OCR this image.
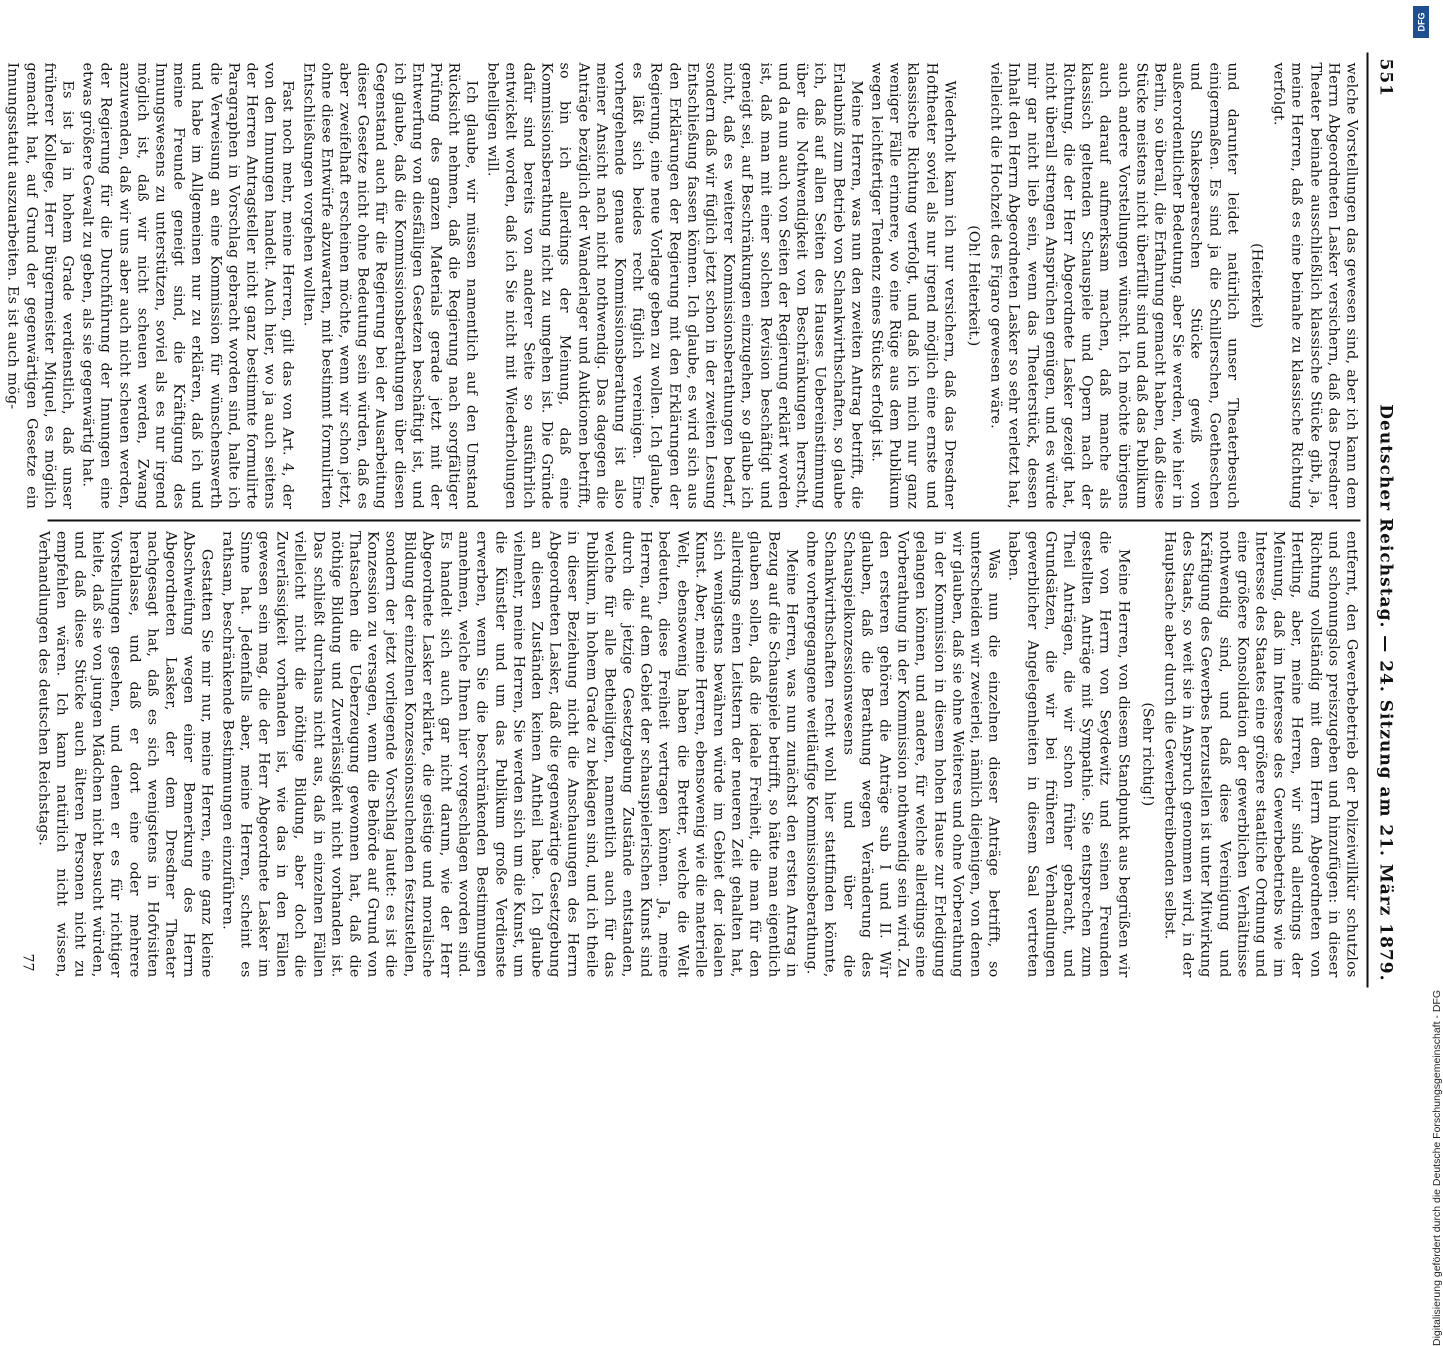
551
Deutscher Reichstag. — 24. Sitzung am 21. März 1879.

welche Vorstellungen das gewesen sind, aber ich kann dem Herrn Abgeordneten Lasker versichern, daß das Dresdner Theater beinahe ausschließlich klassische Stücke gibt, ja, meine Herren, daß es eine beinahe zu klassische Richtung verfolgt.

(Heiterkeit)

und darunter leidet natürlich unser Theaterbesuch einigermaßen. Es sind ja die Schillerschen, Goetheschen und Shakespeareschen Stücke gewiß von außerordentlicher Bedeutung, aber Sie werden, wie hier in Berlin, so überall, die Erfahrung gemacht haben, daß diese Stücke meistens nicht überfüllt sind und daß das Publikum auch andere Vorstellungen wünscht. Ich möchte übrigens auch darauf aufmerksam machen, daß manche als klassisch geltenden Schauspiele und Opern nach der Richtung, die der Herr Abgeordnete Lasker gezeigt hat, nicht überall strengen Ansprüchen genügen, und es würde mir gar nicht lieb sein, wenn das Theaterstück, dessen Inhalt den Herrn Abgeordneten Lasker so sehr verletzt hat, vielleicht die Hochzeit des Figaro gewesen wäre.

(Oh! Heiterkeit.)

Wiederholt kann ich nur versichern, daß das Dresdner Hoftheater soviel als nur irgend möglich eine ernste und klassische Richtung verfolgt, und daß ich mich nur ganz weniger Fälle erinnere, wo eine Rüge aus dem Publikum wegen leichtfertiger Tendenz eines Stücks erfolgt ist.

Meine Herren, was nun den zweiten Antrag betrifft, die Erlaubniß zum Betrieb von Schankwirthschaften, so glaube ich, daß auf allen Seiten des Hauses Uebereinstimmung über die Nothwendigkeit von Beschränkungen herrscht, und da nun auch von Seiten der Regierung erklärt worden ist, daß man mit einer solchen Revision beschäftigt und geneigt sei, auf Beschränkungen einzugehen, so glaube ich nicht, daß es weiterer Kommissionsberathungen bedarf, sondern daß wir füglich jetzt schon in der zweiten Lesung Entschließung fassen können. Ich glaube, es wird sich aus den Erklärungen der Regierung mit den Erklärungen der Regierung, eine neue Vorlage geben zu wollen. Ich glaube, es läßt sich beides recht füglich vereinigen. Eine vorhergehende genaue Kommissionsberathung ist also meiner Ansicht nach nicht nothwendig. Das dagegen die Anträge bezüglich der Wanderlager und Auktionen betrifft, so bin ich allerdings der Meinung, daß eine Kommissionsberathung nicht zu umgehen ist. Die Gründe dafür sind bereits von anderer Seite so ausführlich entwickelt worden, daß ich Sie nicht mit Wiederholungen behelligen will.

Ich glaube, wir müssen namentlich auf den Umstand Rücksicht nehmen, daß die Regierung nach sorgfältiger Prüfung des ganzen Materials gerade jetzt mit der Entwerfung von diesfälligen Gesetzen beschäftigt ist, und ich glaube, daß die Kommissionsberathungen über diesen Gegenstand auch für die Regierung bei der Ausarbeitung dieser Gesetze nicht ohne Bedeutung sein würden, daß es aber zweifelhaft erscheinen möchte, wenn wir schon jetzt, ohne diese Entwürfe abzuwarten, mit bestimmt formulirten Entschließungen vorgehen wollten.

Fast noch mehr, meine Herren, gilt das von Art. 4, der von den Innungen handelt. Auch hier, wo ja auch seitens der Herren Antragsteller nicht ganz bestimmte formulirte Paragraphen in Vorschlag gebracht worden sind, halte ich die Verweisung an eine Kommission für wünschenswerth und habe im Allgemeinen nur zu erklären, daß ich und meine Freunde geneigt sind, die Kräftigung des Innungswesens zu unterstützen, soviel als es nur irgend möglich ist, daß wir nicht scheuen werden, Zwang anzuwenden, daß wir uns aber auch nicht scheuen werden, der Regierung für die Durchführung der Innungen eine etwas größere Gewalt zu geben, als sie gegenwärtig hat.

Es ist ja in hohem Grade verdienstlich, daß unser früherer Kollege, Herr Bürgermeister Miquel, es möglich gemacht hat, auf Grund der gegenwärtigen Gesetze ein Innungsstatut auszuarbeiten. Es ist auch mög-

entfernt, den Gewerbebetrieb der Polizeiwillkür schutzlos und schonungslos preiszugeben und hinzufügen: in dieser Richtung vollständig mit dem Herrn Abgeordneten von Hertling, aber, meine Herren, wir sind allerdings der Meinung, daß im Interesse des Gewerbebetriebs wie im Interesse des Staates eine größere staatliche Ordnung und eine größere Konsolidation der gewerblichen Verhältnisse nothwendig sind, und daß diese Vereinigung und Kräftigung des Gewerbes herzustellen ist unter Mitwirkung des Staats, so weit sie in Anspruch genommen wird, in der Hauptsache aber durch die Gewerbetreibenden selbst.

(Sehr richtig!)

Meine Herren, von diesem Standpunkt aus begrüßen wir die von Herrn von Seydewitz und seinen Freunden gestellten Anträge mit Sympathie. Sie entsprechen zum Theil Anträgen, die wir schon früher gebracht, und Grundsätzen, die wir bei früheren Verhandlungen gewerblicher Angelegenheiten in diesem Saal vertreten haben.

Was nun die einzelnen dieser Anträge betrifft, so unterscheiden wir zweierlei, nämlich diejenigen, von denen wir glauben, daß sie ohne Weiteres und ohne Vorberathung in der Kommission in diesem hohen Hause zur Erledigung gelangen können, und andere, für welche allerdings eine Vorberathung in der Kommission nothwendig sein wird. Zu den ersteren gehören die Anträge sub I und II. Wir glauben, daß die Berathung wegen Veränderung des Schauspielkonzessionswesens und über die Schankwirthschaften recht wohl hier stattfinden könnte, ohne vorhergegangene weitläufige Kommissionsberathung.

Meine Herren, was nun zunächst den ersten Antrag in Bezug auf die Schauspiele betrifft, so hätte man eigentlich glauben sollen, daß die ideale Freiheit, die man für den allerdings einen Leitstern der neueren Zeit gehalten hat, sich wenigstens bewähren würde im Gebiet der idealen Kunst. Aber, meine Herren, ebensowenig wie die materielle Welt, ebensowenig haben die Bretter, welche die Welt bedeuten, diese Freiheit vertragen können. Ja, meine Herren, auf dem Gebiet der schauspielerischen Kunst sind durch die jetzige Gesetzgebung Zustände entstanden, welche für alle Betheiligten, namentlich auch für das Publikum, in hohem Grade zu beklagen sind, und ich theile in dieser Beziehung nicht die Anschauungen des Herrn Abgeordneten Lasker, daß die gegenwärtige Gesetzgebung an diesen Zuständen keinen Antheil habe. Ich glaube vielmehr, meine Herren, Sie werden sich um die Kunst, um die Künstler und um das Publikum große Verdienste erwerben, wenn Sie die beschränkenden Bestimmungen annehmen, welche Ihnen hier vorgeschlagen worden sind. Es handelt sich auch gar nicht darum, wie der Herr Abgeordnete Lasker erklärte, die geistige und moralische Bildung der einzelnen Konzessionssuchenden festzustellen, sondern der jetzt vorliegende Vorschlag lautet: es ist die Konzession zu versagen, wenn die Behörde auf Grund von Thatsachen die Ueberzeugung gewonnen hat, daß die nöthige Bildung und Zuverlässigkeit nicht vorhanden ist. Das schließt durchaus nicht aus, daß in einzelnen Fällen vielleicht nicht die nöthige Bildung, aber doch die Zuverlässigkeit vorhanden ist, wie das in den Fällen gewesen sein mag, die der Herr Abgeordnete Lasker im Sinne hat. Jedenfalls aber, meine Herren, scheint es rathsam, beschränkende Bestimmungen einzuführen.

Gestatten Sie mir nur, meine Herren, eine ganz kleine Abschweifung wegen einer Bemerkung des Herrn Abgeordneten Lasker, der dem Dresdner Theater nachgesagt hat, daß es sich wenigstens in Hofvisiten herablasse, und daß er dort eine oder mehrere Vorstellungen gesehen, und denen er es für richtiger hielte, daß sie von jungen Mädchen nicht besucht würden, und daß diese Stücke auch älteren Personen nicht zu empfehlen wären. Ich kann natürlich nicht wissen, Verhandlungen des deutschen Reichstags.

77
DFG
Digitalisierung gefördert durch die Deutsche Forschungsgemeinschaft - DFG
